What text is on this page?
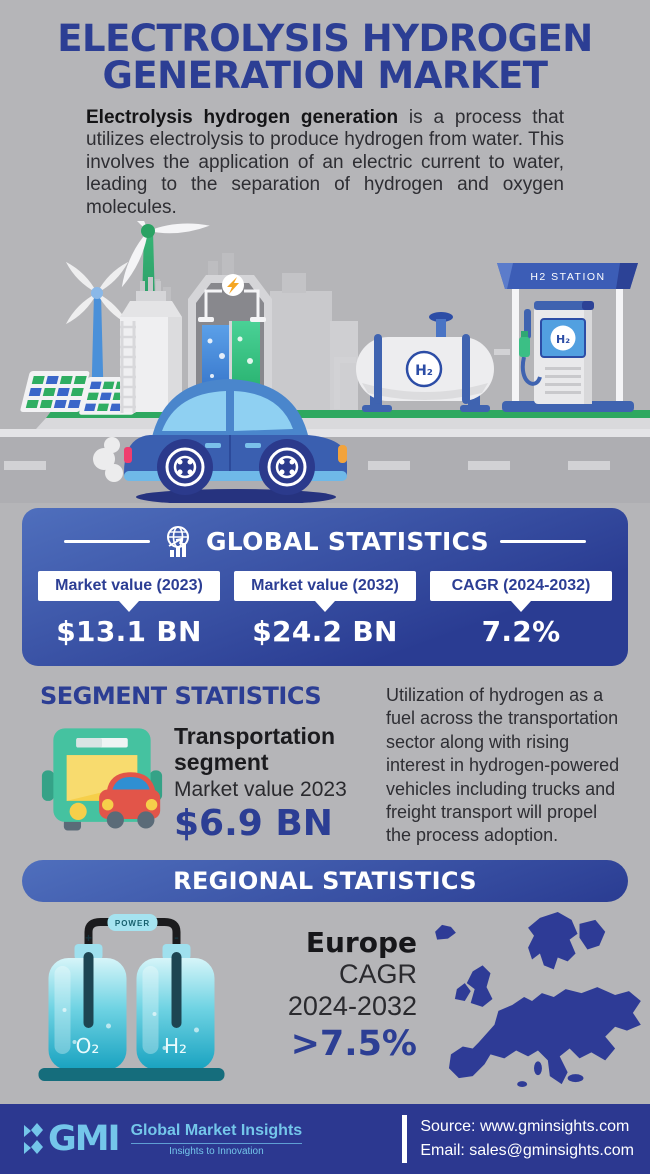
ELECTROLYSIS HYDROGEN
GENERATION MARKET
Electrolysis hydrogen generation is a process that utilizes electrolysis to produce hydrogen from water. This involves the application of an electric current to water, leading to the separation of hydrogen and oxygen molecules.
H₂
H2 STATION
H₂
GLOBAL STATISTICS
Market value (2023)
$13.1 BN
Market value (2032)
$24.2 BN
CAGR (2024-2032)
7.2%
SEGMENT STATISTICS
Transportation segment
Market value 2023
$6.9 BN
Utilization of hydrogen as a fuel across the transportation sector along with rising interest in hydrogen-powered vehicles including trucks and freight transport will propel the process adoption.
REGIONAL STATISTICS
POWER
+	-
O₂	H₂
Europe
CAGR
2024-2032
>7.5%
GMI Global Market Insights
Insights to Innovation
Source: www.gminsights.com
Email: sales@gminsights.com
